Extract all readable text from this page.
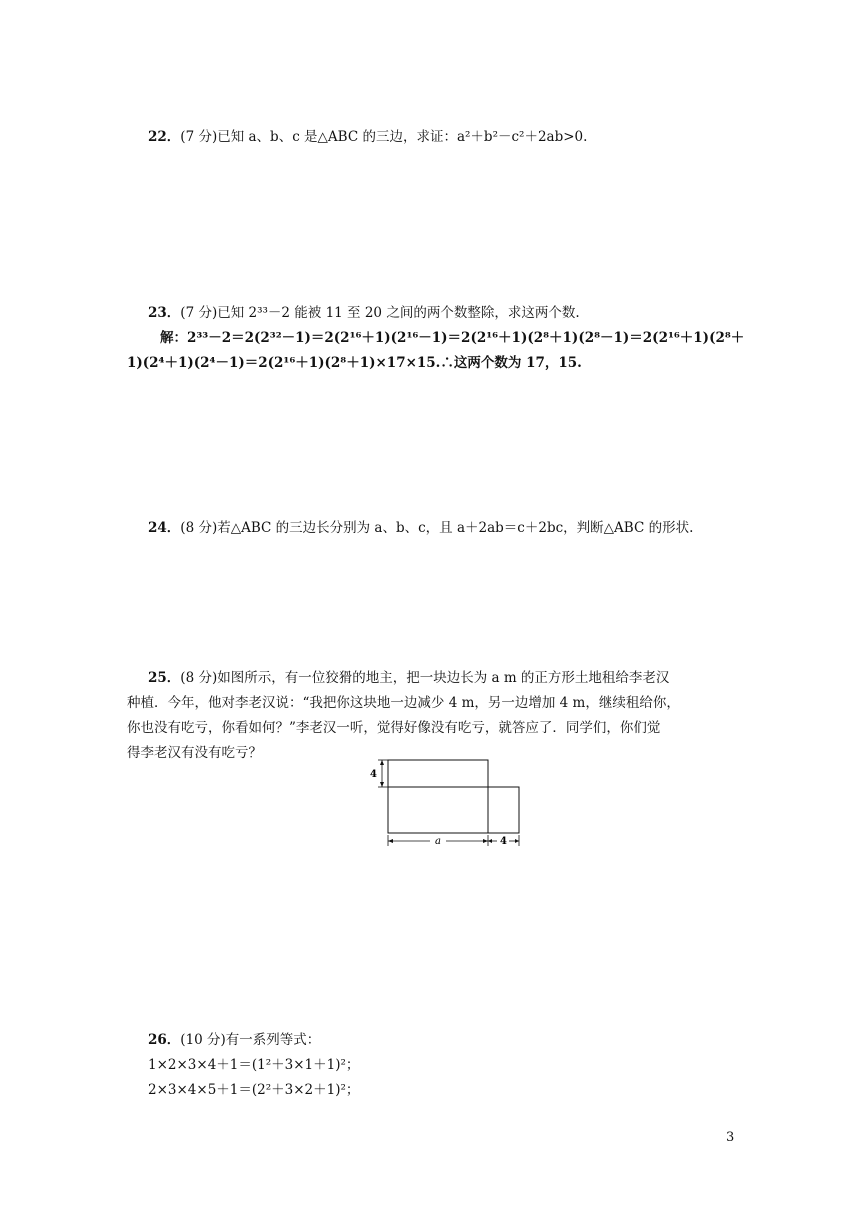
22．(7 分)已知 a、b、c 是△ABC 的三边，求证：a²＋b²－c²＋2ab>0.
23．(7 分)已知 2³³－2 能被 11 至 20 之间的两个数整除，求这两个数.
解：2³³－2＝2(2³²－1)＝2(2¹⁶＋1)(2¹⁶－1)＝2(2¹⁶＋1)(2⁸＋1)(2⁸－1)＝2(2¹⁶＋1)(2⁸＋
1)(2⁴＋1)(2⁴－1)＝2(2¹⁶＋1)(2⁸＋1)×17×15.∴这两个数为 17，15.
24．(8 分)若△ABC 的三边长分别为 a、b、c，且 a＋2ab＝c＋2bc，判断△ABC 的形状.
25．(8 分)如图所示，有一位狡猾的地主，把一块边长为 a m 的正方形土地租给李老汉
种植．今年，他对李老汉说：“我把你这块地一边减少 4 m，另一边增加 4 m，继续租给你，
你也没有吃亏，你看如何？”李老汉一听，觉得好像没有吃亏，就答应了．同学们，你们觉
得李老汉有没有吃亏？
4
a	4
26．(10 分)有一系列等式：
1×2×3×4＋1＝(1²＋3×1＋1)²；
2×3×4×5＋1＝(2²＋3×2＋1)²；
3
